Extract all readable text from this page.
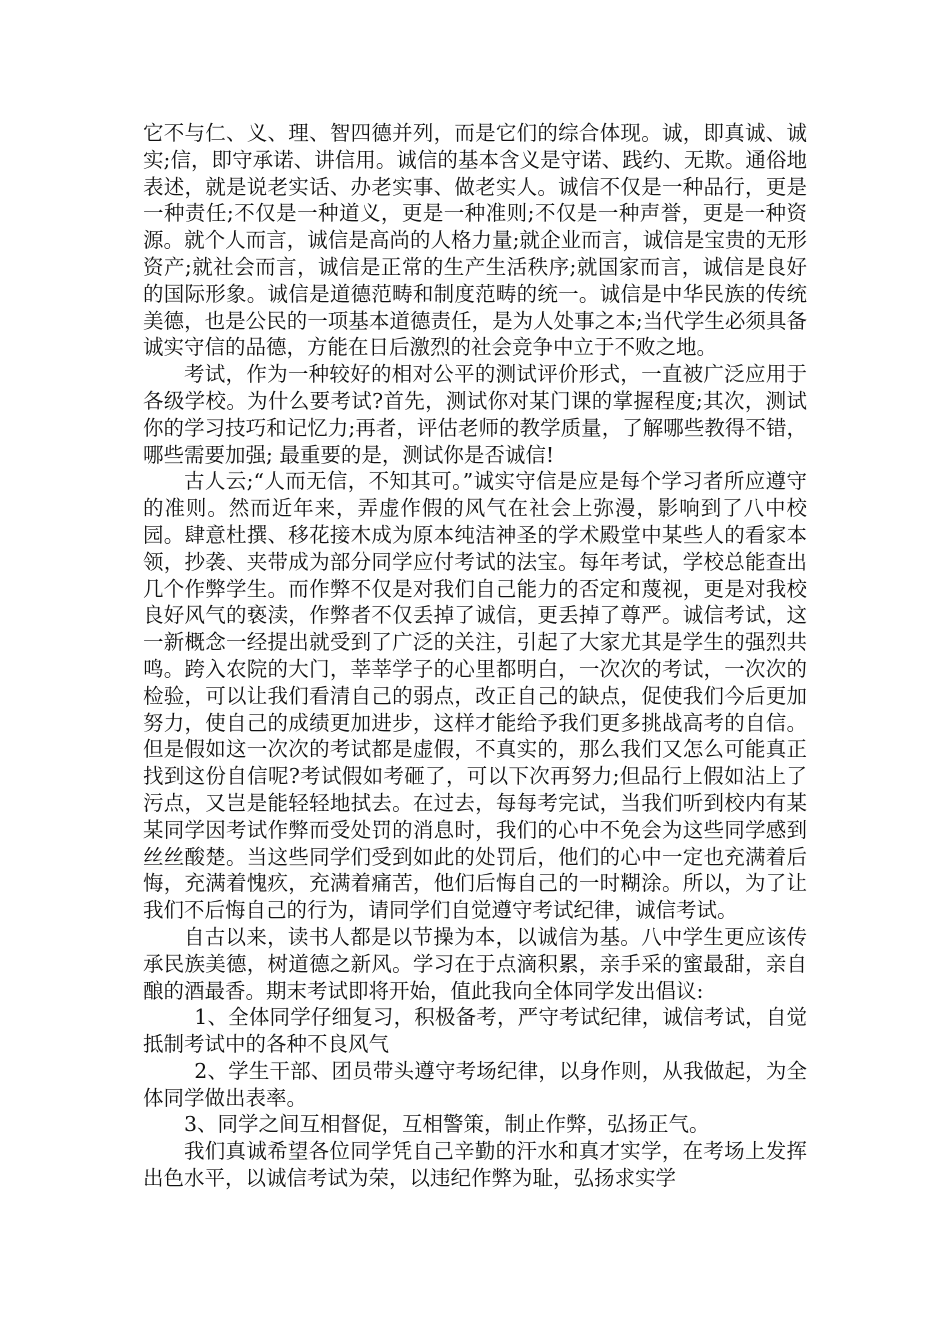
它不与仁、义、理、智四德并列，而是它们的综合体现。诚，即真诚、诚实;信，即守承诺、讲信用。诚信的基本含义是守诺、践约、无欺。通俗地表述，就是说老实话、办老实事、做老实人。诚信不仅是一种品行，更是一种责任;不仅是一种道义，更是一种准则;不仅是一种声誉，更是一种资源。就个人而言，诚信是高尚的人格力量;就企业而言，诚信是宝贵的无形资产;就社会而言，诚信是正常的生产生活秩序;就国家而言，诚信是良好的国际形象。诚信是道德范畴和制度范畴的统一。诚信是中华民族的传统美德，也是公民的一项基本道德责任，是为人处事之本;当代学生必须具备诚实守信的品德，方能在日后激烈的社会竞争中立于不败之地。

考试，作为一种较好的相对公平的测试评价形式，一直被广泛应用于各级学校。为什么要考试?首先，测试你对某门课的掌握程度;其次，测试你的学习技巧和记忆力;再者，评估老师的教学质量，了解哪些教得不错，哪些需要加强; 最重要的是，测试你是否诚信!

古人云;“人而无信，不知其可。”诚实守信是应是每个学习者所应遵守的准则。然而近年来，弄虚作假的风气在社会上弥漫，影响到了八中校园。肆意杜撰、移花接木成为原本纯洁神圣的学术殿堂中某些人的看家本领，抄袭、夹带成为部分同学应付考试的法宝。每年考试，学校总能查出几个作弊学生。而作弊不仅是对我们自己能力的否定和蔑视，更是对我校良好风气的亵渎，作弊者不仅丢掉了诚信，更丢掉了尊严。诚信考试，这一新概念一经提出就受到了广泛的关注，引起了大家尤其是学生的强烈共鸣。跨入农院的大门，莘莘学子的心里都明白，一次次的考试，一次次的检验，可以让我们看清自己的弱点，改正自己的缺点，促使我们今后更加努力，使自己的成绩更加进步，这样才能给予我们更多挑战高考的自信。但是假如这一次次的考试都是虚假，不真实的，那么我们又怎么可能真正找到这份自信呢?考试假如考砸了，可以下次再努力;但品行上假如沾上了污点，又岂是能轻轻地拭去。在过去，每每考完试，当我们听到校内有某某同学因考试作弊而受处罚的消息时，我们的心中不免会为这些同学感到丝丝酸楚。当这些同学们受到如此的处罚后，他们的心中一定也充满着后悔，充满着愧疚，充满着痛苦，他们后悔自己的一时糊涂。所以，为了让我们不后悔自己的行为，请同学们自觉遵守考试纪律，诚信考试。

自古以来，读书人都是以节操为本，以诚信为基。八中学生更应该传承民族美德，树道德之新风。学习在于点滴积累，亲手采的蜜最甜，亲自酿的酒最香。期末考试即将开始，值此我向全体同学发出倡议:

1、全体同学仔细复习，积极备考，严守考试纪律，诚信考试，自觉抵制考试中的各种不良风气

2、学生干部、团员带头遵守考场纪律，以身作则，从我做起，为全体同学做出表率。

3、同学之间互相督促，互相警策，制止作弊，弘扬正气。

我们真诚希望各位同学凭自己辛勤的汗水和真才实学，在考场上发挥出色水平，以诚信考试为荣，以违纪作弊为耻，弘扬求实学
